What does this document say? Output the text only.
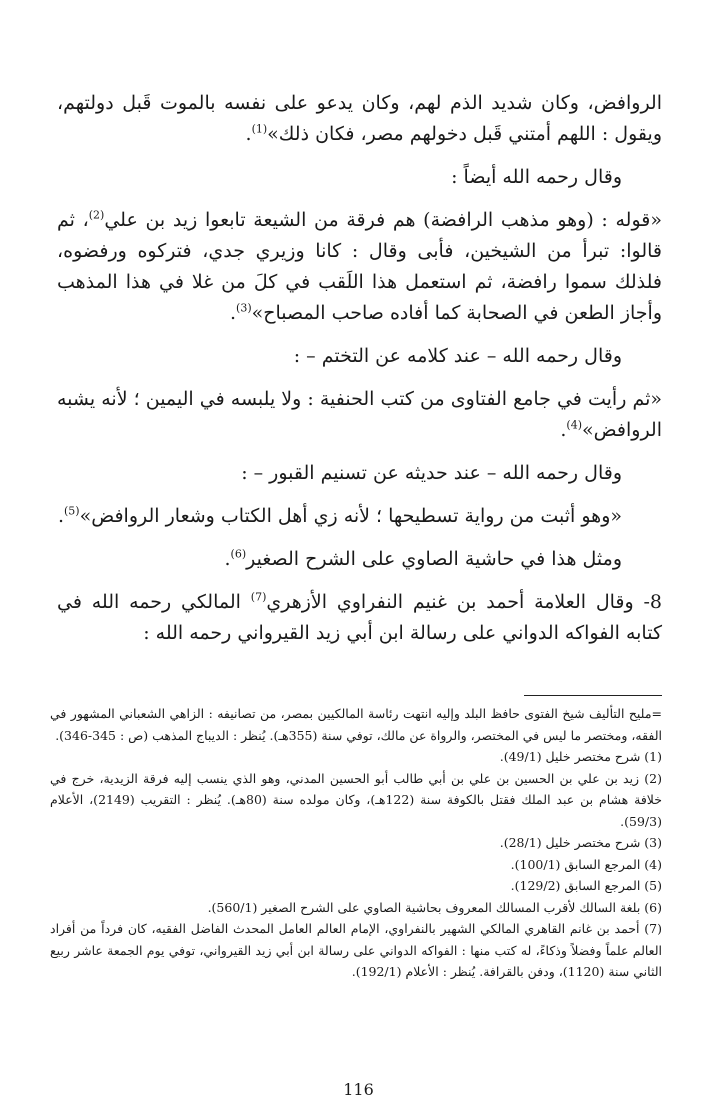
الروافض، وكان شديد الذم لهم، وكان يدعو على نفسه بالموت قَبل دولتهم، ويقول : اللهم أمتني قَبل دخولهم مصر، فكان ذلك»$^{(1)}$.

وقال رحمه الله أيضاً :

«قوله : (وهو مذهب الرافضة) هم فرقة من الشيعة تابعوا زيد بن علي$^{(2)}$، ثم قالوا: تبرأ من الشيخين، فأبى وقال : كانا وزيري جدي، فتركوه ورفضوه، فلذلك سموا رافضة، ثم استعمل هذا اللَقب في كلَ من غلا في هذا المذهب وأجاز الطعن في الصحابة كما أفاده صاحب المصباح»$^{(3)}$.

وقال رحمه الله – عند كلامه عن التختم – :

«ثم رأيت في جامع الفتاوى من كتب الحنفية : ولا يلبسه في اليمين ؛ لأنه يشبه الروافض»$^{(4)}$.

وقال رحمه الله – عند حديثه عن تسنيم القبور – :

«وهو أثبت من رواية تسطيحها ؛ لأنه زي أهل الكتاب وشعار الروافض»$^{(5)}$.

ومثل هذا في حاشية الصاوي على الشرح الصغير$^{(6)}$.

8- وقال العلامة أحمد بن غنيم النفراوي الأزهري$^{(7)}$ المالكي رحمه الله في كتابه الفواكه الدواني على رسالة ابن أبي زيد القيرواني رحمه الله :

=مليح التأليف شيخ الفتوى حافظ البلد وإليه انتهت رئاسة المالكيين بمصر، من تصانيفه : الزاهي الشعباني المشهور في الفقه، ومختصر ما ليس في المختصر، والرواة عن مالك، توفي سنة (355هـ). يُنظر : الديباج المذهب (ص : 345-346).

(1) شرح مختصر خليل (49/1).

(2) زيد بن علي بن الحسين بن علي بن أبي طالب أبو الحسين المدني، وهو الذي ينسب إليه فرقة الزيدية، خرج في خلافة هشام بن عبد الملك فقتل بالكوفة سنة (122هـ)، وكان مولده سنة (80هـ). يُنظر : التقريب (2149)، الأعلام (59/3).

(3) شرح مختصر خليل (28/1).

(4) المرجع السابق (100/1).

(5) المرجع السابق (129/2).

(6) بلغة السالك لأقرب المسالك المعروف بحاشية الصاوي على الشرح الصغير (560/1).

(7) أحمد بن غانم القاهري المالكي الشهير بالنفراوي، الإمام العالم العامل المحدث الفاضل الفقيه، كان فرداً من أفراد العالم علماً وفضلاً وذكاءً، له كتب منها : الفواكه الدواني على رسالة ابن أبي زيد القيرواني، توفي يوم الجمعة عاشر ربيع الثاني سنة (1120)، ودفن بالقرافة. يُنظر : الأعلام (192/1).

116
